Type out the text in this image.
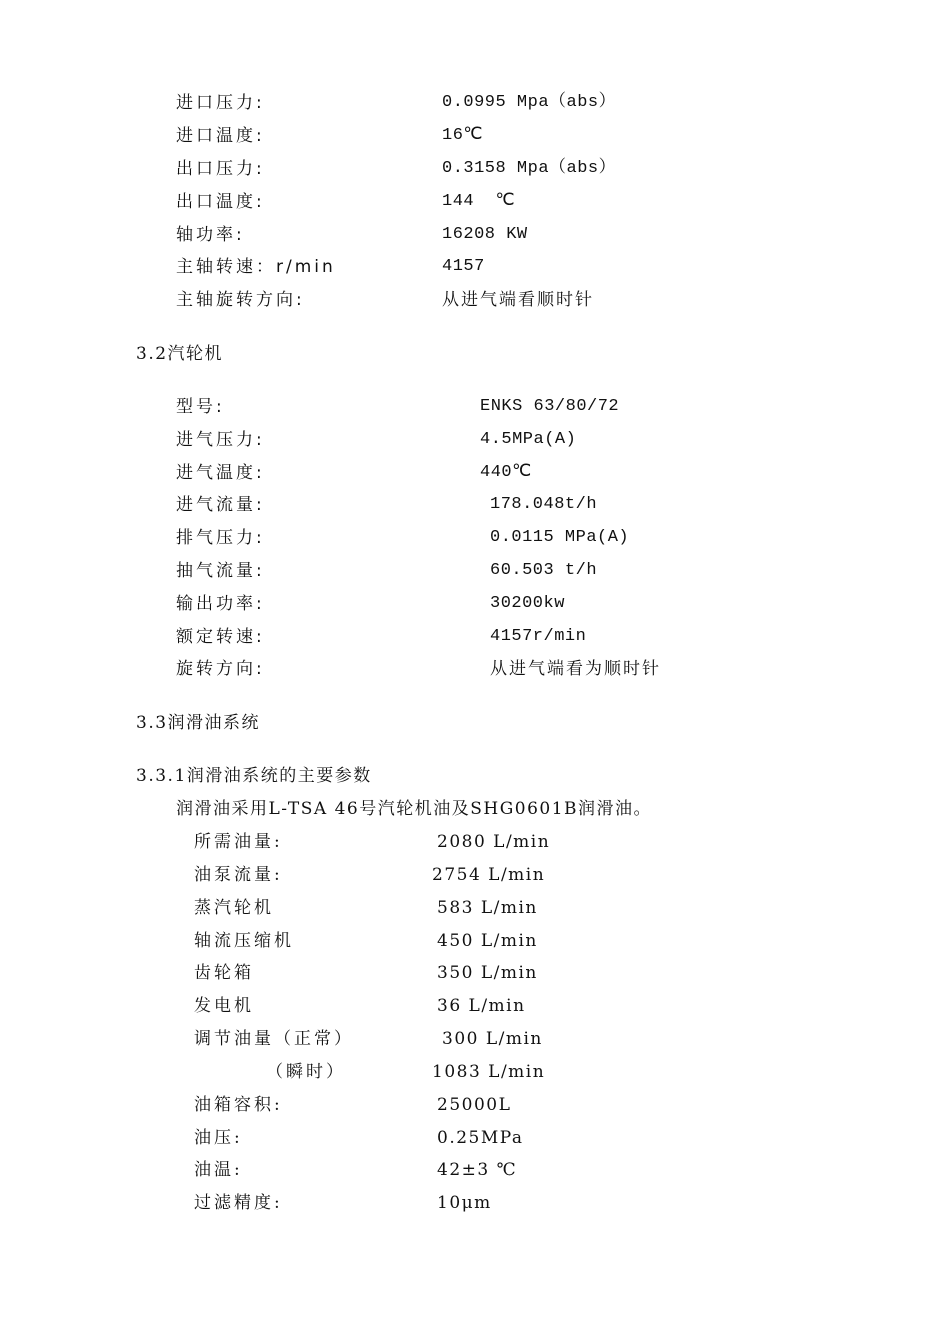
进口压力:	0.0995 Mpa（abs）
进口温度:	16℃
出口压力:	0.3158 Mpa（abs）
出口温度:	144  ℃
轴功率:	16208 KW
主轴转速：r/min	4157
主轴旋转方向:	从进气端看顺时针
3.2汽轮机
型号:	ENKS 63/80/72
进气压力:	4.5MPa(A)
进气温度:	440℃
进气流量:	178.048t/h
排气压力:	0.0115 MPa(A)
抽气流量:	60.503 t/h
输出功率:	30200kw
额定转速:	4157r/min
旋转方向:	从进气端看为顺时针
3.3润滑油系统
3.3.1润滑油系统的主要参数
润滑油采用L-TSA 46号汽轮机油及SHG0601B润滑油。
所需油量:	2080 L/min
油泵流量:	2754 L/min
蒸汽轮机	583 L/min
轴流压缩机	450 L/min
齿轮箱	350 L/min
发电机	36 L/min
调节油量（正常）	300 L/min
（瞬时）	1083 L/min
油箱容积:	25000L
油压:	0.25MPa
油温:	42±3 ℃
过滤精度:	10μm
